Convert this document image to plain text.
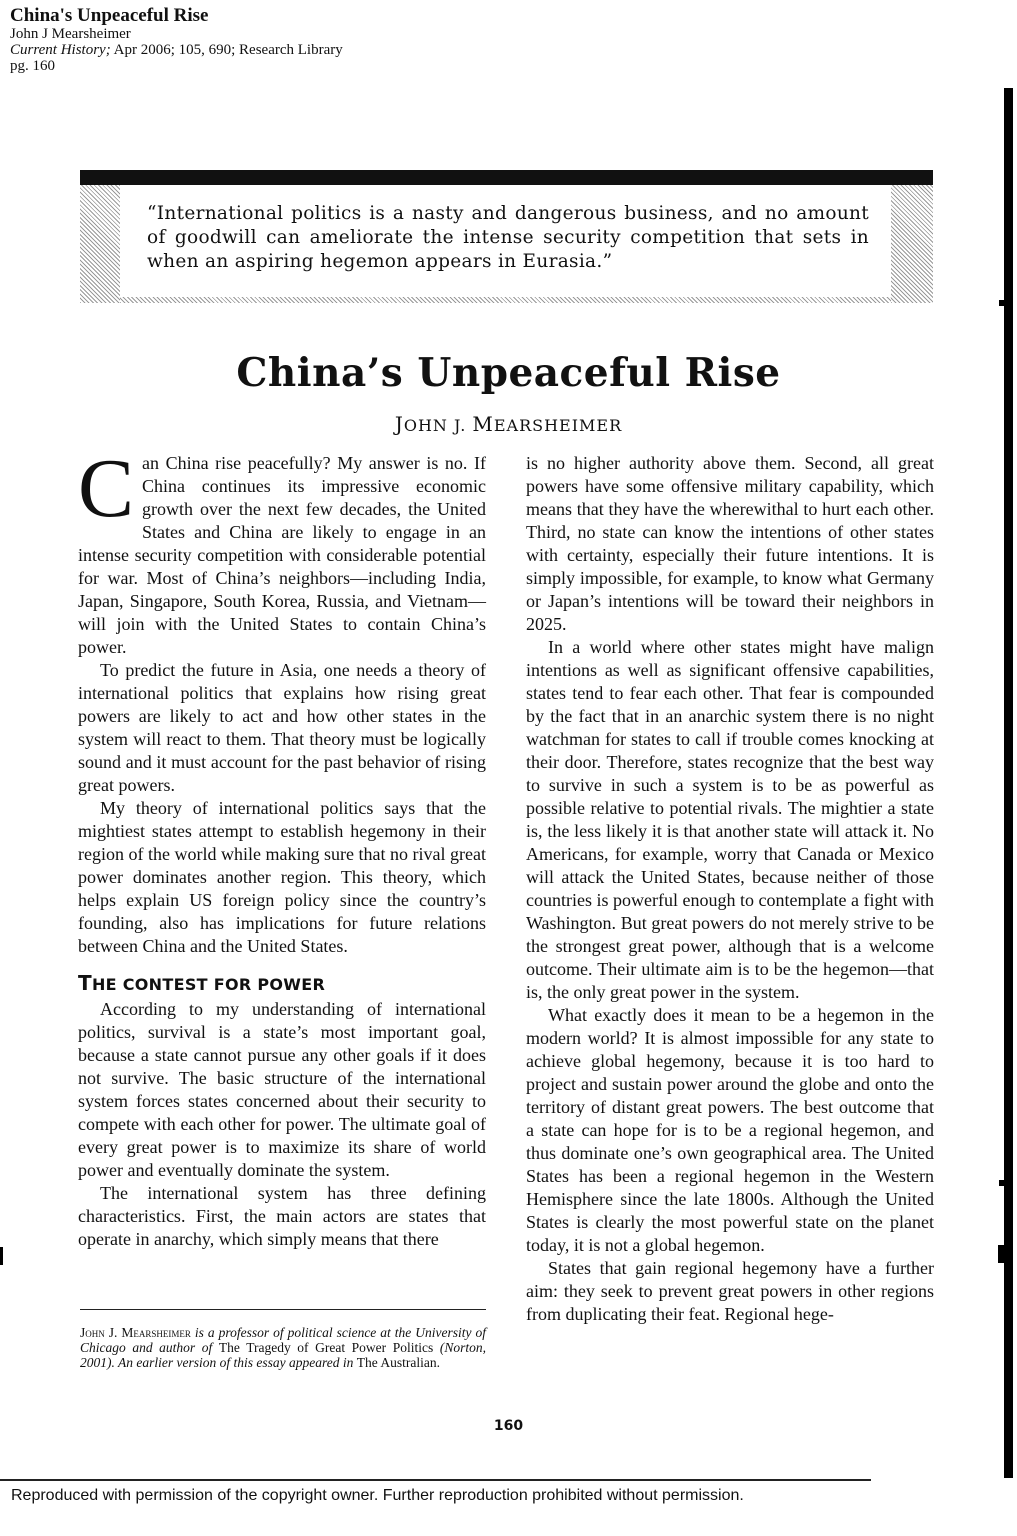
China's Unpeaceful Rise
John J Mearsheimer
Current History; Apr 2006; 105, 690; Research Library
pg. 160
“International politics is a nasty and dangerous business, and no amount of goodwill can ameliorate the intense security competition that sets in when an aspiring hegemon appears in Eurasia.”
China’s Unpeaceful Rise
JOHN J. MEARSHEIMER

Can China rise peacefully? My answer is no. If China continues its impressive economic growth over the next few decades, the United States and China are likely to engage in an intense security competition with considerable potential for war. Most of China’s neighbors—including India, Japan, Singapore, South Korea, Russia, and Vietnam—will join with the United States to contain China’s power.

To predict the future in Asia, one needs a theory of international politics that explains how rising great powers are likely to act and how other states in the system will react to them. That theory must be logically sound and it must account for the past behavior of rising great powers.

My theory of international politics says that the mightiest states attempt to establish hegemony in their region of the world while making sure that no rival great power dominates another region. This theory, which helps explain US foreign policy since the country’s founding, also has implications for future relations between China and the United States.

THE CONTEST FOR POWER

According to my understanding of international politics, survival is a state’s most important goal, because a state cannot pursue any other goals if it does not survive. The basic structure of the international system forces states concerned about their security to compete with each other for power. The ultimate goal of every great power is to maximize its share of world power and eventually dominate the system.

The international system has three defining characteristics. First, the main actors are states that operate in anarchy, which simply means that there

is no higher authority above them. Second, all great powers have some offensive military capability, which means that they have the wherewithal to hurt each other. Third, no state can know the intentions of other states with certainty, especially their future intentions. It is simply impossible, for example, to know what Germany or Japan’s intentions will be toward their neighbors in 2025.

In a world where other states might have malign intentions as well as significant offensive capabilities, states tend to fear each other. That fear is compounded by the fact that in an anarchic system there is no night watchman for states to call if trouble comes knocking at their door. Therefore, states recognize that the best way to survive in such a system is to be as powerful as possible relative to potential rivals. The mightier a state is, the less likely it is that another state will attack it. No Americans, for example, worry that Canada or Mexico will attack the United States, because neither of those countries is powerful enough to contemplate a fight with Washington. But great powers do not merely strive to be the strongest great power, although that is a welcome outcome. Their ultimate aim is to be the hegemon—that is, the only great power in the system.

What exactly does it mean to be a hegemon in the modern world? It is almost impossible for any state to achieve global hegemony, because it is too hard to project and sustain power around the globe and onto the territory of distant great powers. The best outcome that a state can hope for is to be a regional hegemon, and thus dominate one’s own geographical area. The United States has been a regional hegemon in the Western Hemisphere since the late 1800s. Although the United States is clearly the most powerful state on the planet today, it is not a global hegemon.

States that gain regional hegemony have a further aim: they seek to prevent great powers in other regions from duplicating their feat. Regional hege-

John J. Mearsheimer is a professor of political science at the University of Chicago and author of The Tragedy of Great Power Politics (Norton, 2001). An earlier version of this essay appeared in The Australian.
160
Reproduced with permission of the copyright owner. Further reproduction prohibited without permission.
